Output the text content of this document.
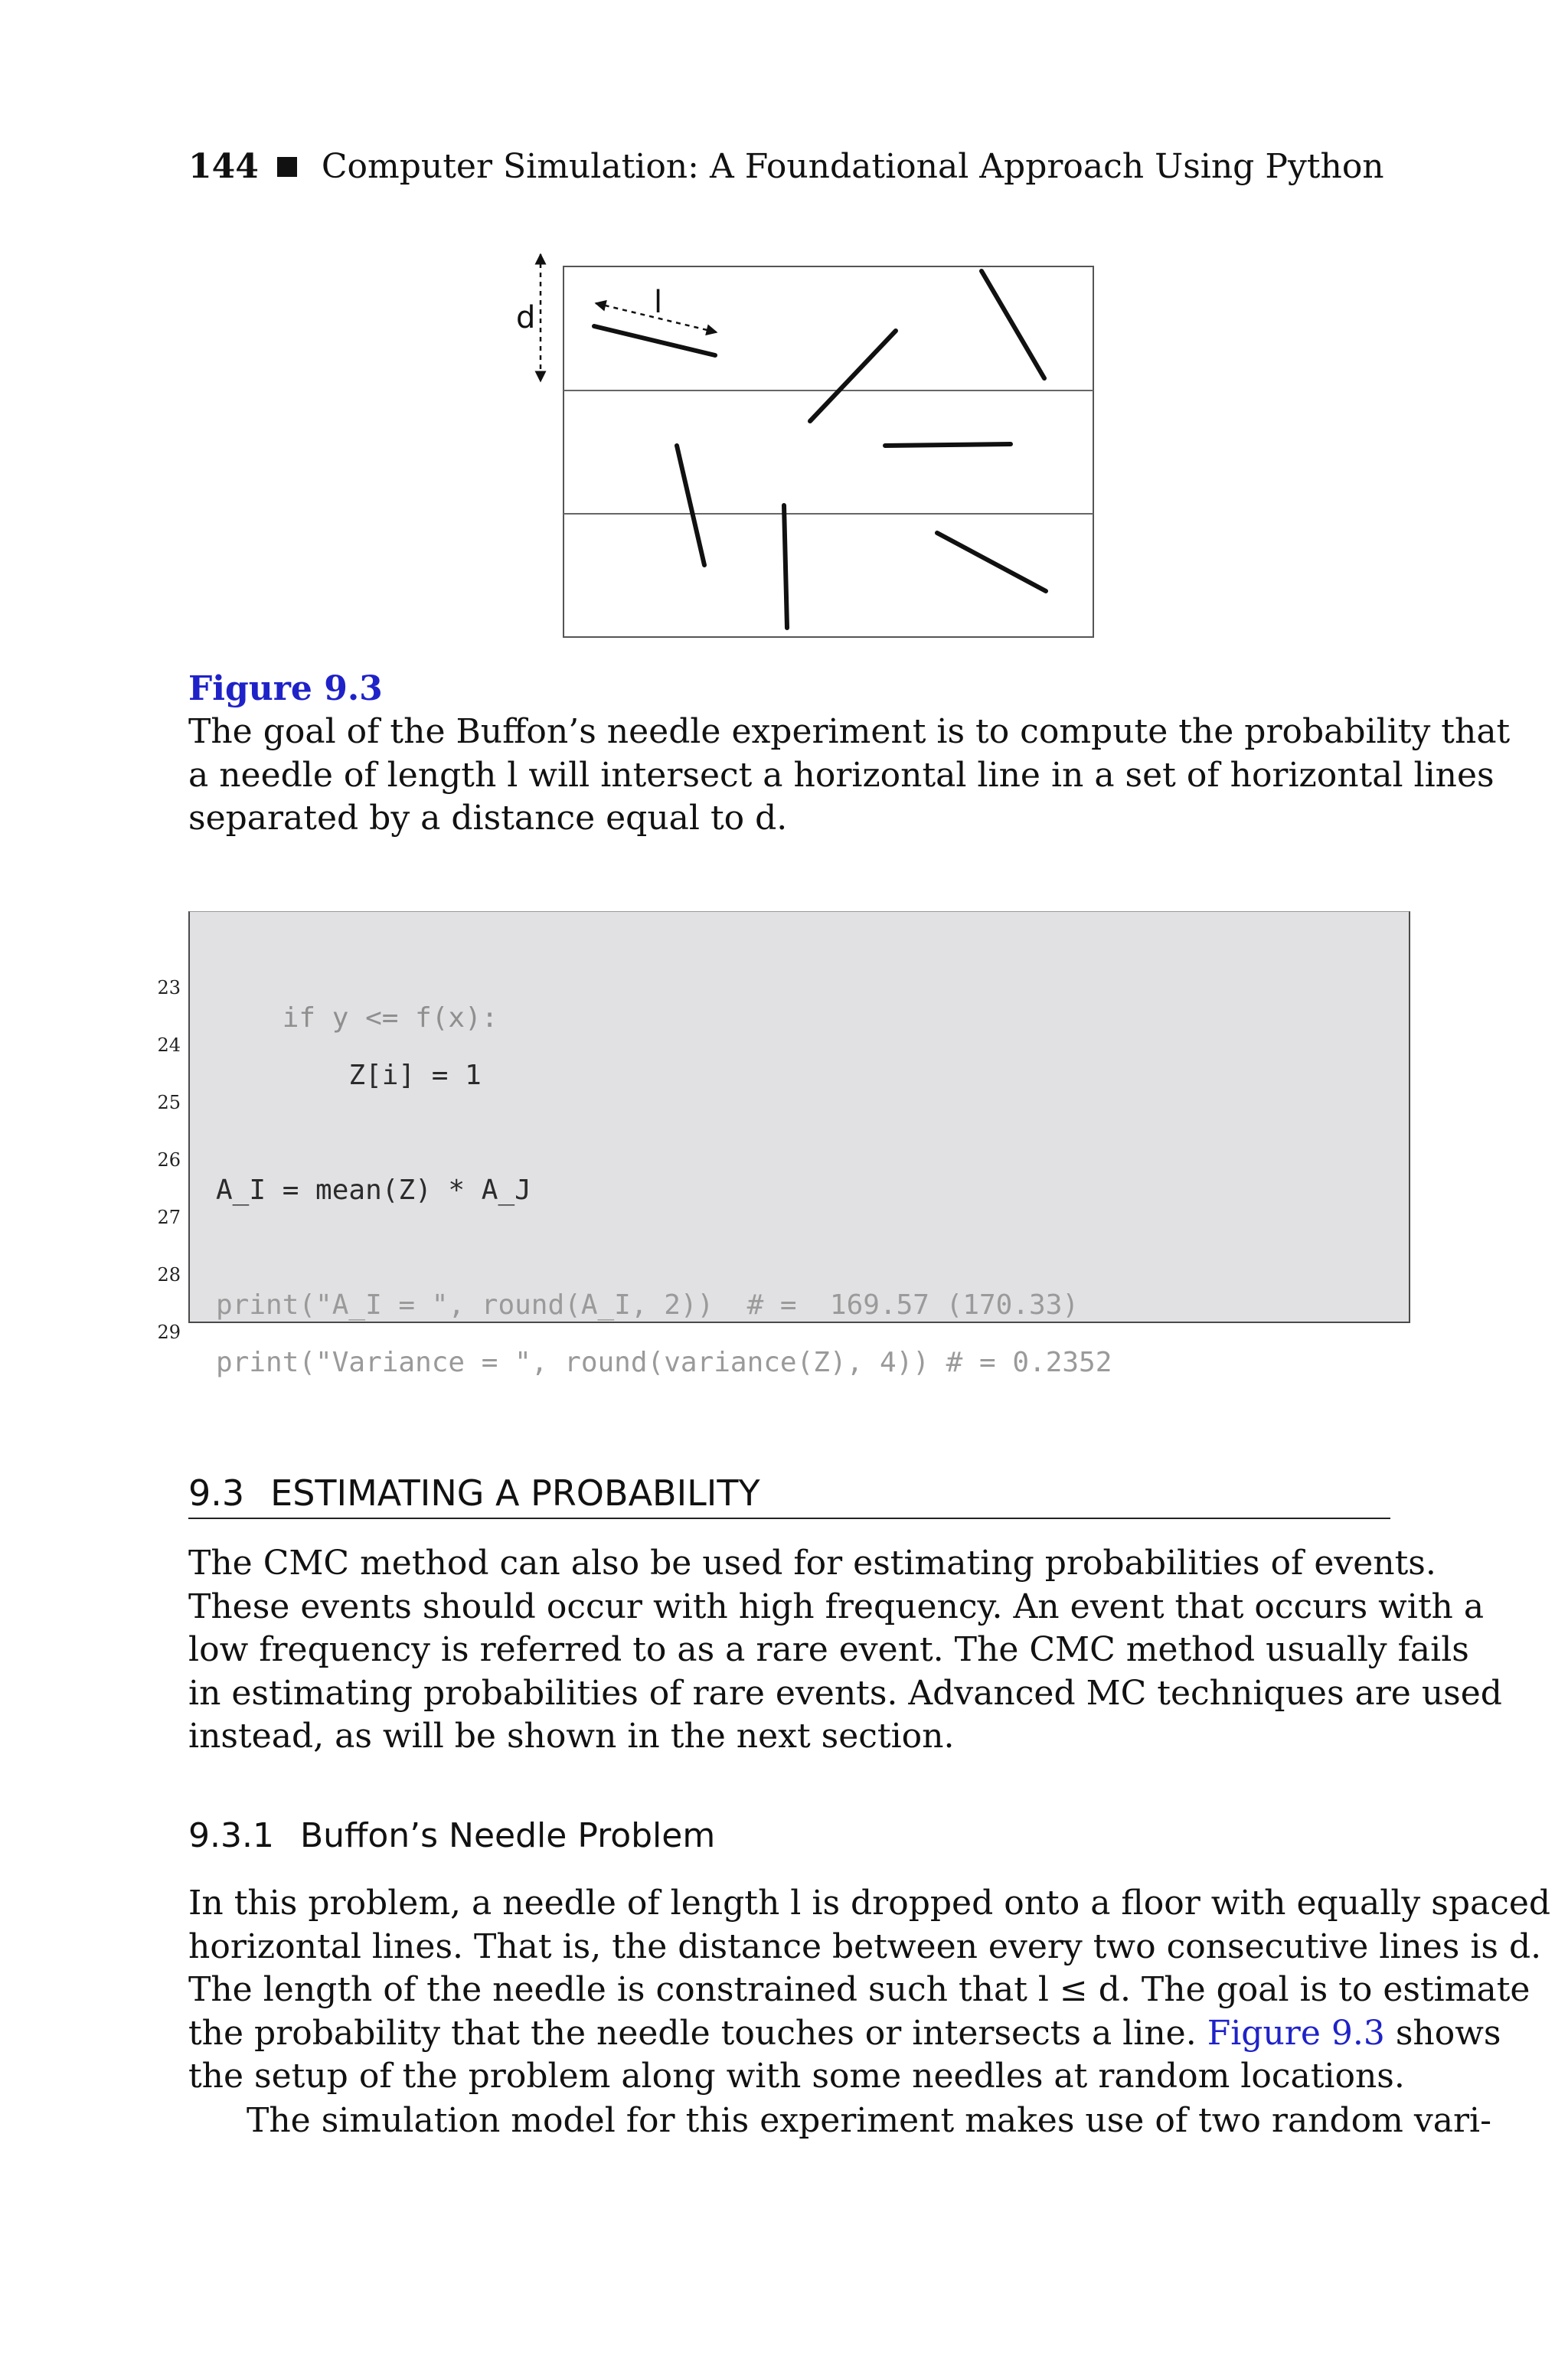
144 Computer Simulation: A Foundational Approach Using Python
d	l
Figure 9.3
The goal of the Buffon’s needle experiment is to compute the probability that
a needle of length l will intersect a horizontal line in a set of horizontal lines
separated by a distance equal to d.

23

if y <= f(x):

24

Z[i] = 1

25

26

A_I = mean(Z) * A_J

27

28

print("A_I = ", round(A_I, 2))  # =  169.57 (170.33)

29

print("Variance = ", round(variance(Z), 4)) # = 0.2352

9.3 ESTIMATING A PROBABILITY
The CMC method can also be used for estimating probabilities of events.
These events should occur with high frequency. An event that occurs with a
low frequency is referred to as a rare event. The CMC method usually fails
in estimating probabilities of rare events. Advanced MC techniques are used
instead, as will be shown in the next section.
9.3.1 Buffon’s Needle Problem
In this problem, a needle of length l is dropped onto a floor with equally spaced
horizontal lines. That is, the distance between every two consecutive lines is d.
The length of the needle is constrained such that l ≤ d. The goal is to estimate
the probability that the needle touches or intersects a line. Figure 9.3 shows
the setup of the problem along with some needles at random locations.
The simulation model for this experiment makes use of two random vari-
